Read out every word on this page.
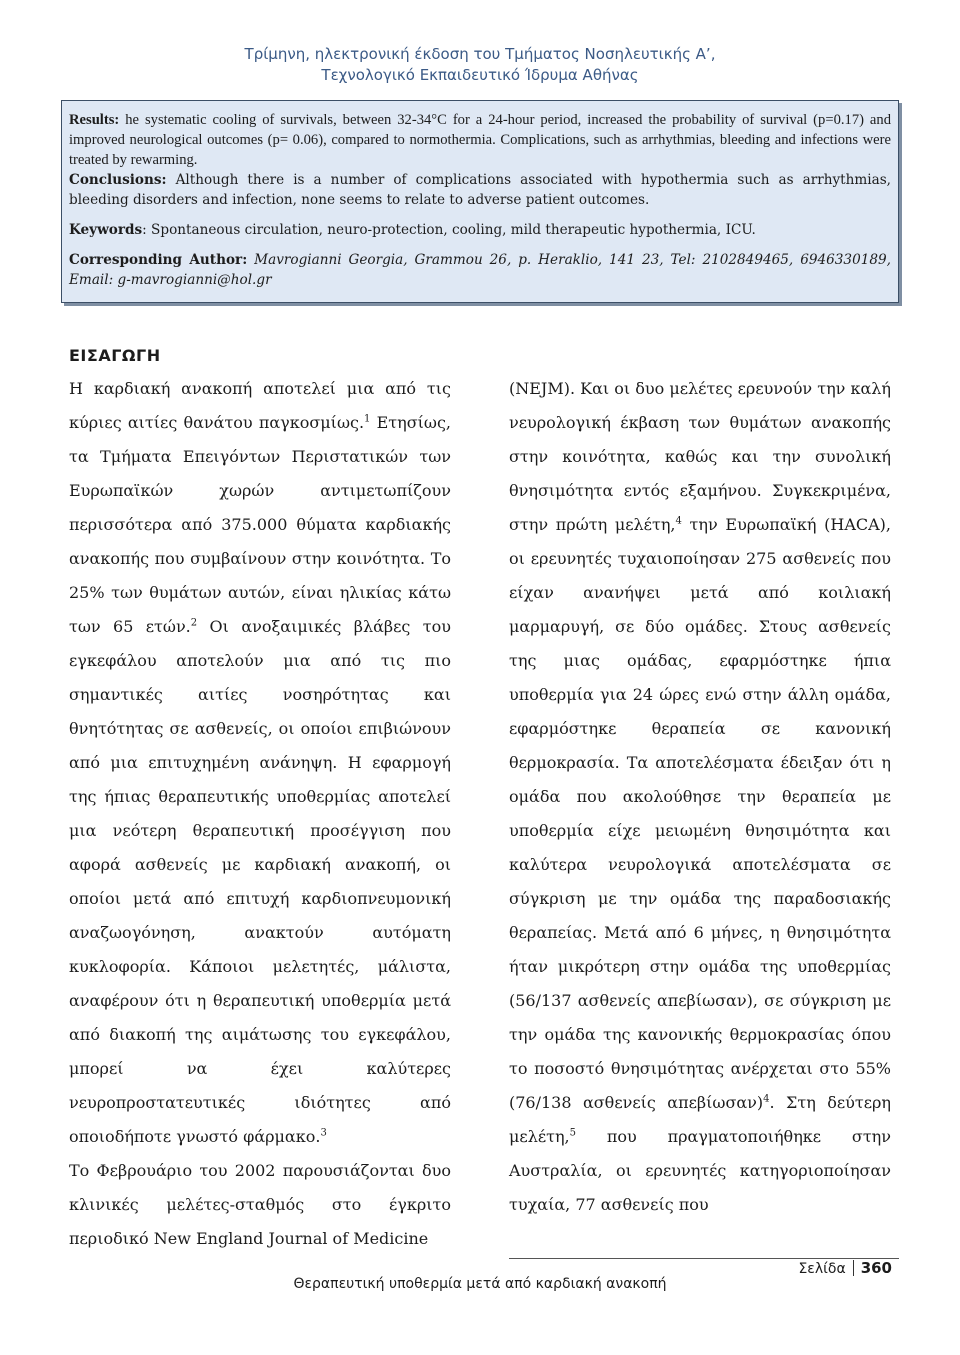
Τρίμηνη, ηλεκτρονική έκδοση του Τμήματος Νοσηλευτικής Α’,
Τεχνολογικό Εκπαιδευτικό Ίδρυμα Αθήνας

Results: he systematic cooling of survivals, between 32-34°C for a 24-hour period, increased the probability of survival (p=0.17) and improved neurological outcomes (p= 0.06), compared to normothermia. Complications, such as arrhythmias, bleeding and infections were treated by rewarming.

Conclusions: Although there is a number of complications associated with hypothermia such as arrhythmias, bleeding disorders and infection, none seems to relate to adverse patient outcomes.

Keywords: Spontaneous circulation, neuro-protection, cooling, mild therapeutic hypothermia, ICU.

Corresponding Author: Mavrogianni Georgia, Grammou 26, p. Heraklio, 141 23, Tel: 2102849465, 6946330189, Email: g-mavrogianni@hol.gr

ΕΙΣΑΓΩΓΗ

Η καρδιακή ανακοπή αποτελεί μια από τις κύριες αιτίες θανάτου παγκοσμίως.$^1$ Ετησίως, τα Τμήματα Επειγόντων Περιστατικών των Ευρωπαϊκών χωρών αντιμετωπίζουν περισσότερα από 375.000 θύματα καρδιακής ανακοπής που συμβαίνουν στην κοινότητα. Το 25% των θυμάτων αυτών, είναι ηλικίας κάτω των 65 ετών.$^2$ Οι ανοξαιμικές βλάβες του εγκεφάλου αποτελούν μια από τις πιο σημαντικές αιτίες νοσηρότητας και θνητότητας σε ασθενείς, οι οποίοι επιβιώνουν από μια επιτυχημένη ανάνηψη. Η εφαρμογή της ήπιας θεραπευτικής υποθερμίας αποτελεί μια νεότερη θεραπευτική προσέγγιση που αφορά ασθενείς με καρδιακή ανακοπή, οι οποίοι μετά από επιτυχή καρδιοπνευμονική αναζωογόνηση, ανακτούν αυτόματη κυκλοφορία. Κάποιοι μελετητές, μάλιστα, αναφέρουν ότι η θεραπευτική υποθερμία μετά από διακοπή της αιμάτωσης του εγκεφάλου, μπορεί να έχει καλύτερες νευροπροστατευτικές ιδιότητες από οποιοδήποτε γνωστό φάρμακο.$^3$

Το Φεβρουάριο του 2002 παρουσιάζονται δυο κλινικές μελέτες-σταθμός στο έγκριτο περιοδικό New England Journal of Medicine

(NEJM). Και οι δυο μελέτες ερευνούν την καλή νευρολογική έκβαση των θυμάτων ανακοπής στην κοινότητα, καθώς και την συνολική θνησιμότητα εντός εξαμήνου. Συγκεκριμένα, στην πρώτη μελέτη,$^4$ την Ευρωπαϊκή (HACA), οι ερευνητές τυχαιοποίησαν 275 ασθενείς που είχαν ανανήψει μετά από κοιλιακή μαρμαρυγή, σε δύο ομάδες. Στους ασθενείς της μιας ομάδας, εφαρμόστηκε ήπια υποθερμία για 24 ώρες ενώ στην άλλη ομάδα, εφαρμόστηκε θεραπεία σε κανονική θερμοκρασία. Τα αποτελέσματα έδειξαν ότι η ομάδα που ακολούθησε την θεραπεία με υποθερμία είχε μειωμένη θνησιμότητα και καλύτερα νευρολογικά αποτελέσματα σε σύγκριση με την ομάδα της παραδοσιακής θεραπείας. Μετά από 6 μήνες, η θνησιμότητα ήταν μικρότερη στην ομάδα της υποθερμίας (56/137 ασθενείς απεβίωσαν), σε σύγκριση με την ομάδα της κανονικής θερμοκρασίας όπου το ποσοστό θνησιμότητας ανέρχεται στο 55% (76/138 ασθενείς απεβίωσαν)$^4$. Στη δεύτερη μελέτη,$^5$ που πραγματοποιήθηκε στην Αυστραλία, οι ερευνητές κατηγοριοποίησαν τυχαία, 77 ασθενείς που

Σελίδα 360
Θεραπευτική υποθερμία μετά από καρδιακή ανακοπή
